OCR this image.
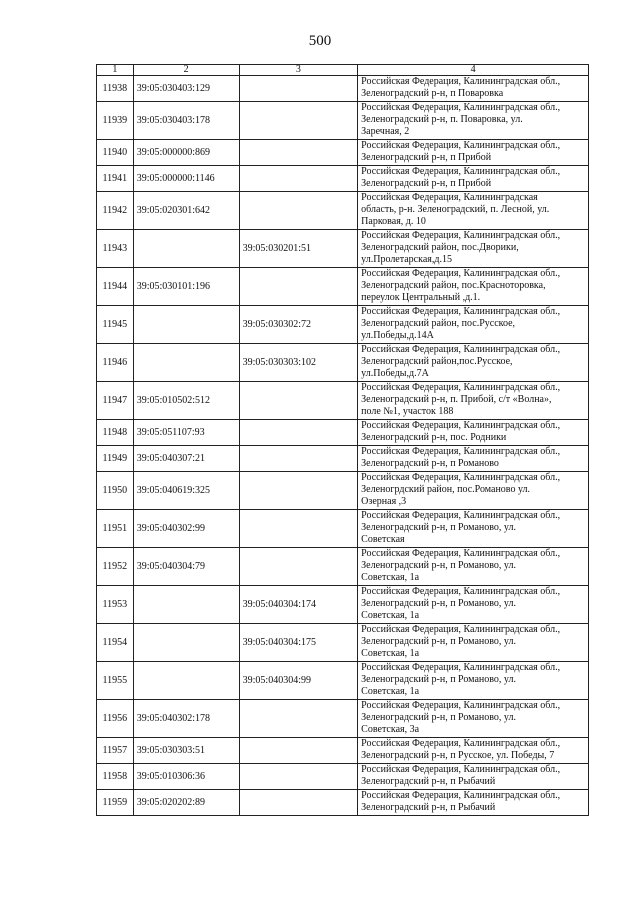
500
1	2	3	4
11938	39:05:030403:129		Российская Федерация, Калининградская обл.,
Зеленоградский р-н, п Поваровка

11939	39:05:030403:178		Российская Федерация, Калининградская обл.,
Зеленоградский р-н, п. Поваровка, ул.
Заречная, 2

11940	39:05:000000:869		Российская Федерация, Калининградская обл.,
Зеленоградский р-н, п Прибой

11941	39:05:000000:1146		Российская Федерация, Калининградская обл.,
Зеленоградский р-н, п Прибой

11942	39:05:020301:642		Российская Федерация, Калининградская
область, р-н. Зеленоградский, п. Лесной, ул.
Парковая, д. 10

11943		39:05:030201:51	Российская Федерация, Калининградская обл.,
Зеленоградский район, пос.Дворики,
ул.Пролетарская,д.15

11944	39:05:030101:196		Российская Федерация, Калининградская обл.,
Зеленоградский район, пос.Красноторовка,
переулок Центральный ,д.1.

11945		39:05:030302:72	Российская Федерация, Калининградская обл.,
Зеленоградский район, пос.Русское,
ул.Победы,д.14А

11946		39:05:030303:102	Российская Федерация, Калининградская обл.,
Зеленоградский район,пос.Русское,
ул.Победы,д.7А

11947	39:05:010502:512		Российская Федерация, Калининградская обл.,
Зеленоградский р-н, п. Прибой, с/т «Волна»,
поле №1, участок 188

11948	39:05:051107:93		Российская Федерация, Калининградская обл.,
Зеленоградский р-н, пос. Родники

11949	39:05:040307:21		Российская Федерация, Калининградская обл.,
Зеленоградский р-н, п Романово

11950	39:05:040619:325		Российская Федерация, Калининградская обл.,
Зеленогрдский район, пос.Романово ул.
Озерная ,3

11951	39:05:040302:99		Российская Федерация, Калининградская обл.,
Зеленоградский р-н, п Романово, ул.
Советская

11952	39:05:040304:79		Российская Федерация, Калининградская обл.,
Зеленоградский р-н, п Романово, ул.
Советская, 1а

11953		39:05:040304:174	Российская Федерация, Калининградская обл.,
Зеленоградский р-н, п Романово, ул.
Советская, 1а

11954		39:05:040304:175	Российская Федерация, Калининградская обл.,
Зеленоградский р-н, п Романово, ул.
Советская, 1а

11955		39:05:040304:99	Российская Федерация, Калининградская обл.,
Зеленоградский р-н, п Романово, ул.
Советская, 1а

11956	39:05:040302:178		Российская Федерация, Калининградская обл.,
Зеленоградский р-н, п Романово, ул.
Советская, 3а

11957	39:05:030303:51		Российская Федерация, Калининградская обл.,
Зеленоградский р-н, п Русское, ул. Победы, 7

11958	39:05:010306:36		Российская Федерация, Калининградская обл.,
Зеленоградский р-н, п Рыбачий

11959	39:05:020202:89		Российская Федерация, Калининградская обл.,
Зеленоградский р-н, п Рыбачий
